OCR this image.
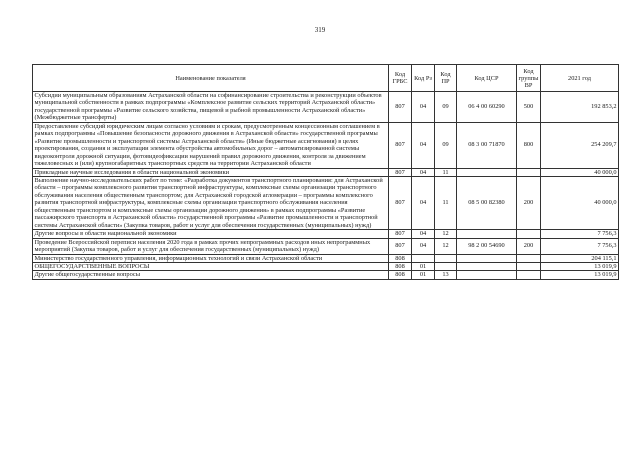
319
Наименование показателя	Код ГРБС	Код Рз	Код ПР	Код ЦСР	Код группы ВР	2021 год
Субсидии муниципальным образованиям Астраханской области на софинансирование строительства и реконструкции объектов муниципальной собственности в рамках подпрограммы «Комплексное развитие сельских территорий Астраханской области» государственной программы «Развитие сельского хозяйства, пищевой и рыбной промышленности Астраханской области» (Межбюджетные трансферты)	807	04	09	06 4 00 60290	500	192 853,2
Предоставление субсидий юридическим лицам согласно условиям и срокам, предусмотренным концессионным соглашением в рамках подпрограммы «Повышение безопасности дорожного движения в Астраханской области» государственной программы «Развитие промышленности и транспортной системы Астраханской области» (Иные бюджетные ассигнования) в целях проектирования, создания и эксплуатации элемента обустройства автомобильных дорог – автоматизированной системы видеоконтроля дорожной ситуации, фотовидеофиксации нарушений правил дорожного движения, контроля за движением тяжеловесных и (или) крупногабаритных транспортных средств на территории Астраханской области	807	04	09	08 3 00 71870	800	254 209,7
Прикладные научные исследования в области национальной экономики	807	04	11			40 000,0
Выполнение научно-исследовательских работ по теме: «Разработка документов транспортного планирования: для Астраханской области – программы комплексного развития транспортной инфраструктуры, комплексные схемы организации транспортного обслуживания населения общественным транспортом; для Астраханской городской агломерации – программы комплексного развития транспортной инфраструктуры, комплексные схемы организации транспортного обслуживания населения общественным транспортом и комплексные схемы организации дорожного движения» в рамках подпрограммы «Развитие пассажирского транспорта в Астраханской области» государственной программы «Развитие промышленности и транспортной системы Астраханской области» (Закупка товаров, работ и услуг для обеспечения государственных (муниципальных) нужд)	807	04	11	08 5 00 82380	200	40 000,0
Другие вопросы в области национальной экономики	807	04	12			7 756,3
Проведение Всероссийской переписи населения 2020 года в рамках прочих непрограммных расходов иных непрограммных мероприятий (Закупка товаров, работ и услуг для обеспечения государственных (муниципальных) нужд)	807	04	12	98 2 00 54690	200	7 756,3
Министерство государственного управления, информационных технологий и связи Астраханской области	808					204 115,1
ОБЩЕГОСУДАРСТВЕННЫЕ ВОПРОСЫ	808	01				13 019,9
Другие общегосударственные вопросы	808	01	13			13 019,9
